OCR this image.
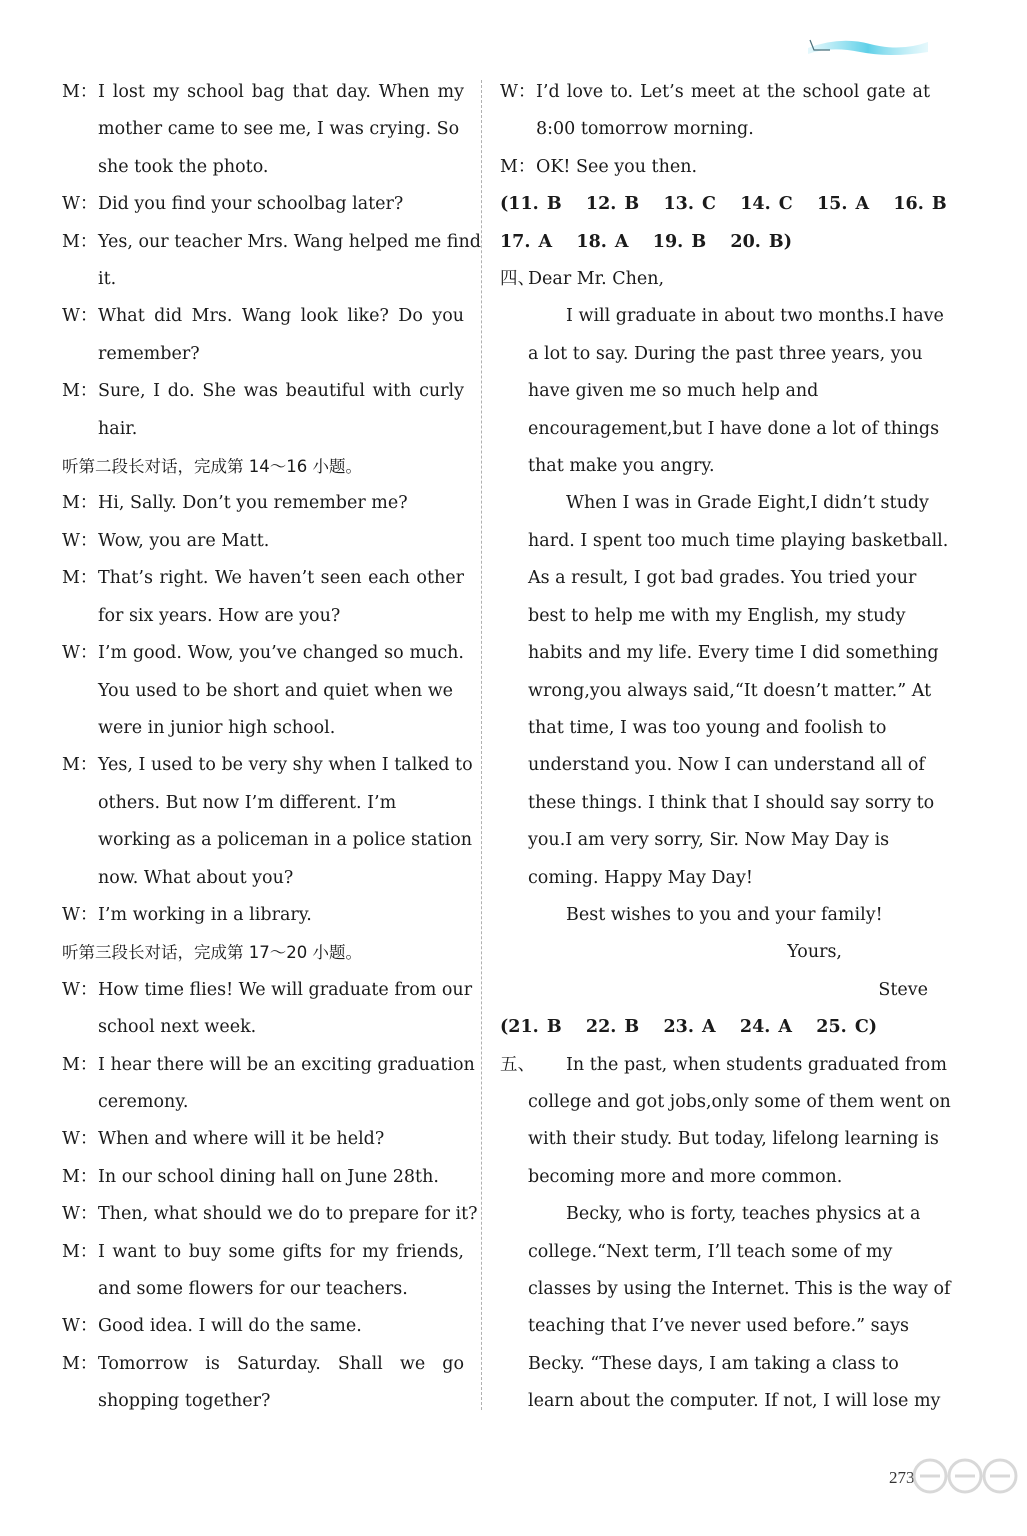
M： I lost my school bag that day. When my
mother came to see me, I was crying. So
she took the photo.
W： Did you find your schoolbag later?
M： Yes, our teacher Mrs. Wang helped me find
it.
W： What did Mrs. Wang look like? Do you
remember?
M： Sure, I do. She was beautiful with curly
hair.
听第二段长对话，完成第 14～16 小题。
M： Hi, Sally. Don’t you remember me?
W： Wow, you are Matt.
M： That’s right. We haven’t seen each other
for six years. How are you?
W： I’m good. Wow, you’ve changed so much.
You used to be short and quiet when we
were in junior high school.
M： Yes, I used to be very shy when I talked to
others. But now I’m different. I’m
working as a policeman in a police station
now. What about you?
W： I’m working in a library.
听第三段长对话，完成第 17～20 小题。
W： How time flies! We will graduate from our
school next week.
M： I hear there will be an exciting graduation
ceremony.
W： When and where will it be held?
M： In our school dining hall on June 28th.
W： Then, what should we do to prepare for it?
M： I want to buy some gifts for my friends,
and some flowers for our teachers.
W： Good idea. I will do the same.
M： Tomorrow is Saturday. Shall we go
shopping together?
W： I’d love to. Let’s meet at the school gate at
8:00 tomorrow morning.
M： OK! See you then.
(11. B   12. B   13. C   14. C   15. A   16. B
17. A   18. A   19. B   20. B)
四、
Dear Mr. Chen,
I will graduate in about two months.I have
a lot to say. During the past three years, you
have given me so much help and
encouragement,but I have done a lot of things
that make you angry.
When I was in Grade Eight,I didn’t study
hard. I spent too much time playing basketball.
As a result, I got bad grades. You tried your
best to help me with my English, my study
habits and my life. Every time I did something
wrong,you always said,“It doesn’t matter.” At
that time, I was too young and foolish to
understand you. Now I can understand all of
these things. I think that I should say sorry to
you.I am very sorry, Sir. Now May Day is
coming. Happy May Day!
Best wishes to you and your family!
Yours,
Steve
(21. B   22. B   23. A   24. A   25. C)
五、	In the past, when students graduated from
college and got jobs,only some of them went on
with their study. But today, lifelong learning is
becoming more and more common.
Becky, who is forty, teaches physics at a
college.“Next term, I’ll teach some of my
classes by using the Internet. This is the way of
teaching that I’ve never used before.” says
Becky. “These days, I am taking a class to
learn about the computer. If not, I will lose my
273
